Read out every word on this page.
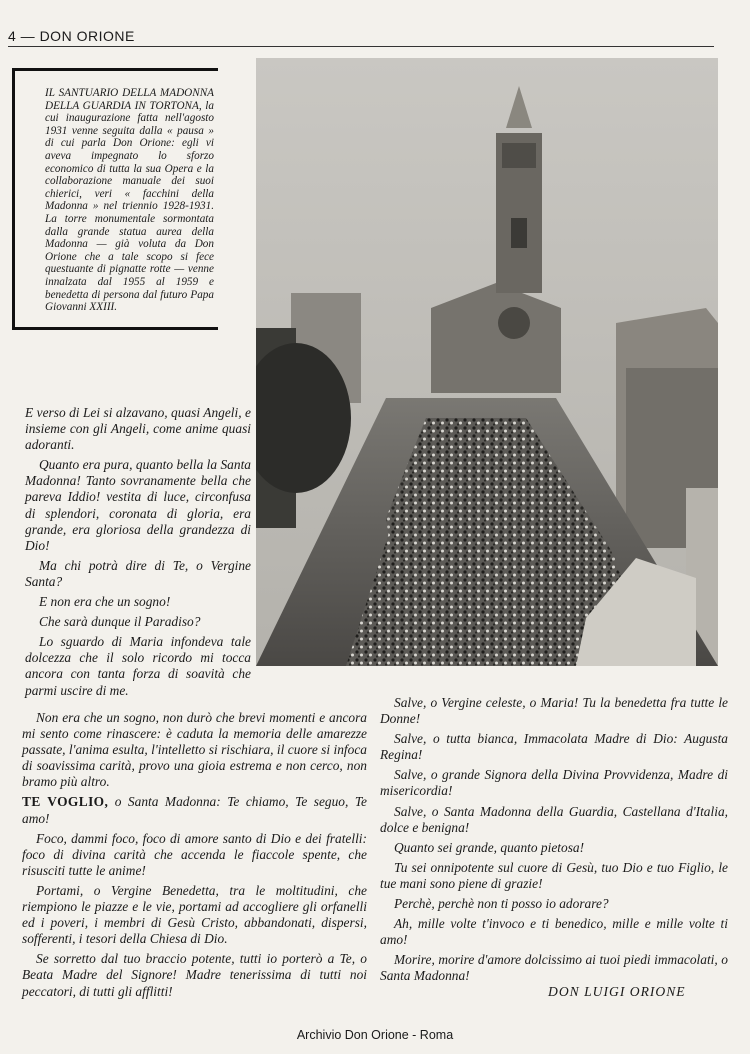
4 — DON ORIONE
IL SANTUARIO DELLA MADONNA DELLA GUARDIA IN TORTONA, la cui inaugurazione fatta nell'agosto 1931 venne seguita dalla « pausa » di cui parla Don Orione: egli vi aveva impegnato lo sforzo economico di tutta la sua Opera e la collaborazione manuale dei suoi chierici, veri « facchini della Madonna » nel triennio 1928-1931. La torre monumentale sormontata dalla grande statua aurea della Madonna — già voluta da Don Orione che a tale scopo si fece questuante di pignatte rotte — venne innalzata dal 1955 al 1959 e benedetta di persona dal futuro Papa Giovanni XXIII.

E verso di Lei si alzavano, quasi Angeli, e insieme con gli Angeli, come anime quasi adoranti.

Quanto era pura, quanto bella la Santa Madonna! Tanto sovranamente bella che pareva Iddio! vestita di luce, circonfusa di splendori, coronata di gloria, era grande, era gloriosa della grandezza di Dio!

Ma chi potrà dire di Te, o Vergine Santa?

E non era che un sogno!

Che sarà dunque il Paradiso?

Lo sguardo di Maria infondeva tale dolcezza che il solo ricordo mi tocca ancora con tanta forza di soavità che parmi uscire di me.

Non era che un sogno, non durò che brevi momenti e ancora mi sento come rinascere: è caduta la memoria delle amarezze passate, l'anima esulta, l'intelletto si rischiara, il cuore si infoca di soavissima carità, provo una gioia estrema e non cerco, non bramo più altro.

TE VOGLIO, o Santa Madonna: Te chiamo, Te seguo, Te amo!

Foco, dammi foco, foco di amore santo di Dio e dei fratelli: foco di divina carità che accenda le fiaccole spente, che risusciti tutte le anime!

Portami, o Vergine Benedetta, tra le moltitudini, che riempiono le piazze e le vie, portami ad accogliere gli orfanelli ed i poveri, i membri di Gesù Cristo, abbandonati, dispersi, sofferenti, i tesori della Chiesa di Dio.

Se sorretto dal tuo braccio potente, tutti io porterò a Te, o Beata Madre del Signore! Madre tenerissima di tutti noi peccatori, di tutti gli afflitti!

Salve, o Vergine celeste, o Maria! Tu la benedetta fra tutte le Donne!

Salve, o tutta bianca, Immacolata Madre di Dio: Augusta Regina!

Salve, o grande Signora della Divina Provvidenza, Madre di misericordia!

Salve, o Santa Madonna della Guardia, Castellana d'Italia, dolce e benigna!

Quanto sei grande, quanto pietosa!

Tu sei onnipotente sul cuore di Gesù, tuo Dio e tuo Figlio, le tue mani sono piene di grazie!

Perchè, perchè non ti posso io adorare?

Ah, mille volte t'invoco e ti benedico, mille e mille volte ti amo!

Morire, morire d'amore dolcissimo ai tuoi piedi immacolati, o Santa Madonna!

DON LUIGI ORIONE
Archivio Don Orione - Roma
